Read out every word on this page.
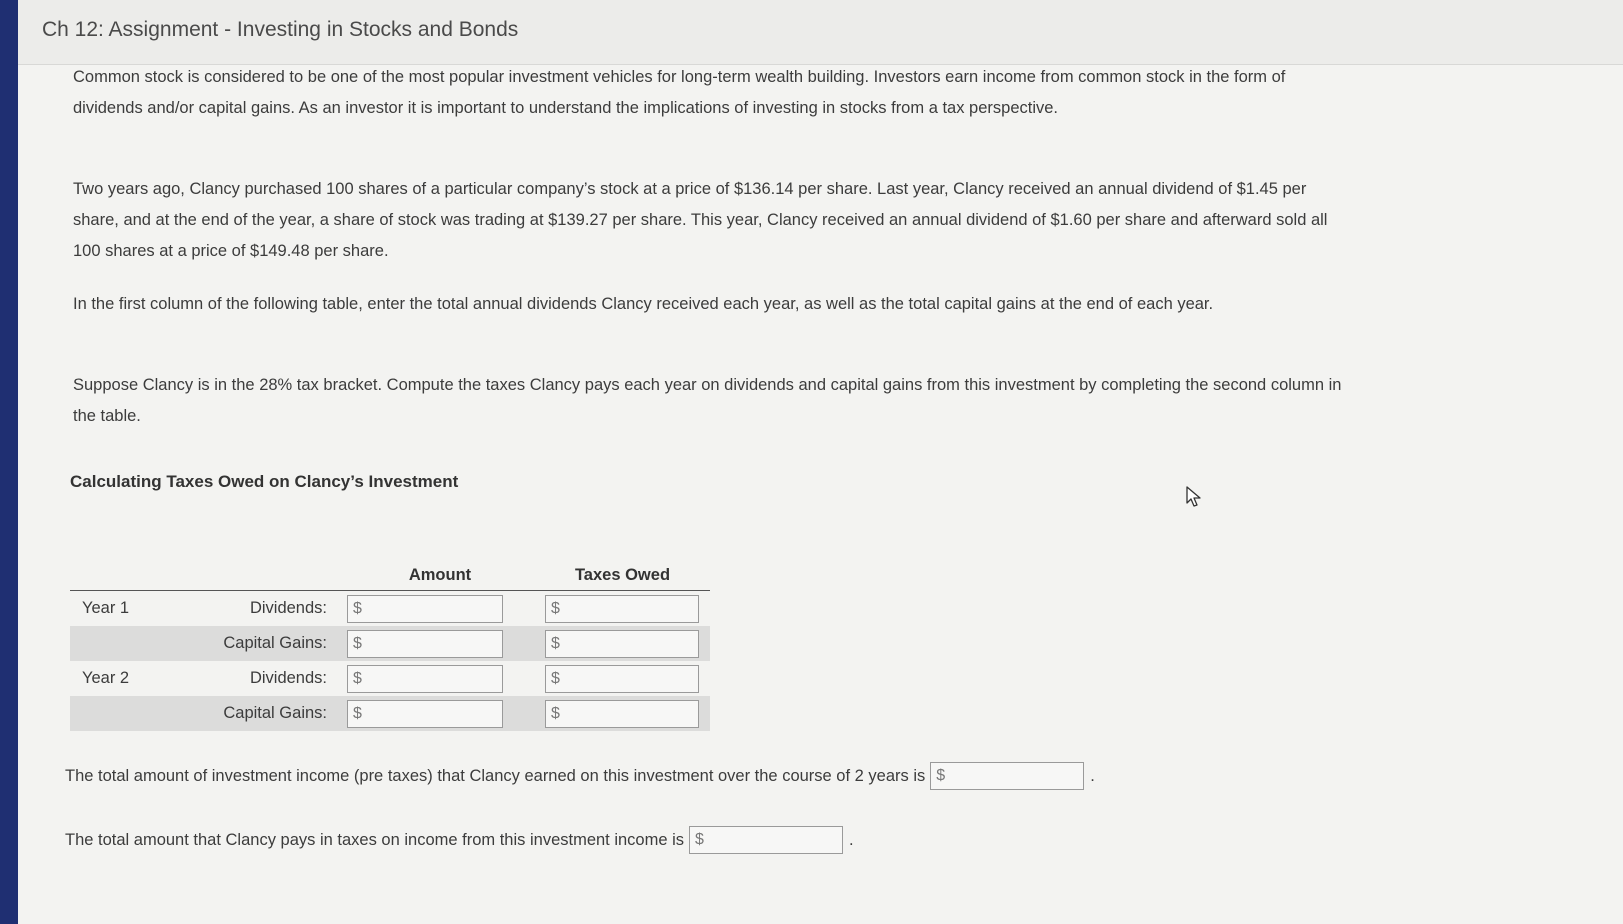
Ch 12: Assignment - Investing in Stocks and Bonds
Common stock is considered to be one of the most popular investment vehicles for long-term wealth building. Investors earn income from common stock in the form of dividends and/or capital gains. As an investor it is important to understand the implications of investing in stocks from a tax perspective.
Two years ago, Clancy purchased 100 shares of a particular company’s stock at a price of $136.14 per share. Last year, Clancy received an annual dividend of $1.45 per share, and at the end of the year, a share of stock was trading at $139.27 per share. This year, Clancy received an annual dividend of $1.60 per share and afterward sold all 100 shares at a price of $149.48 per share.
In the first column of the following table, enter the total annual dividends Clancy received each year, as well as the total capital gains at the end of each year.
Suppose Clancy is in the 28% tax bracket. Compute the taxes Clancy pays each year on dividends and capital gains from this investment by completing the second column in the table.
Calculating Taxes Owed on Clancy’s Investment
		Amount	Taxes Owed
Year 1	Dividends:	$	$

	Capital Gains:	$	$

Year 2	Dividends:	$	$

	Capital Gains:	$	$
The total amount of investment income (pre taxes) that Clancy earned on this investment over the course of 2 years is $	.
The total amount that Clancy pays in taxes on income from this investment income is $	.
